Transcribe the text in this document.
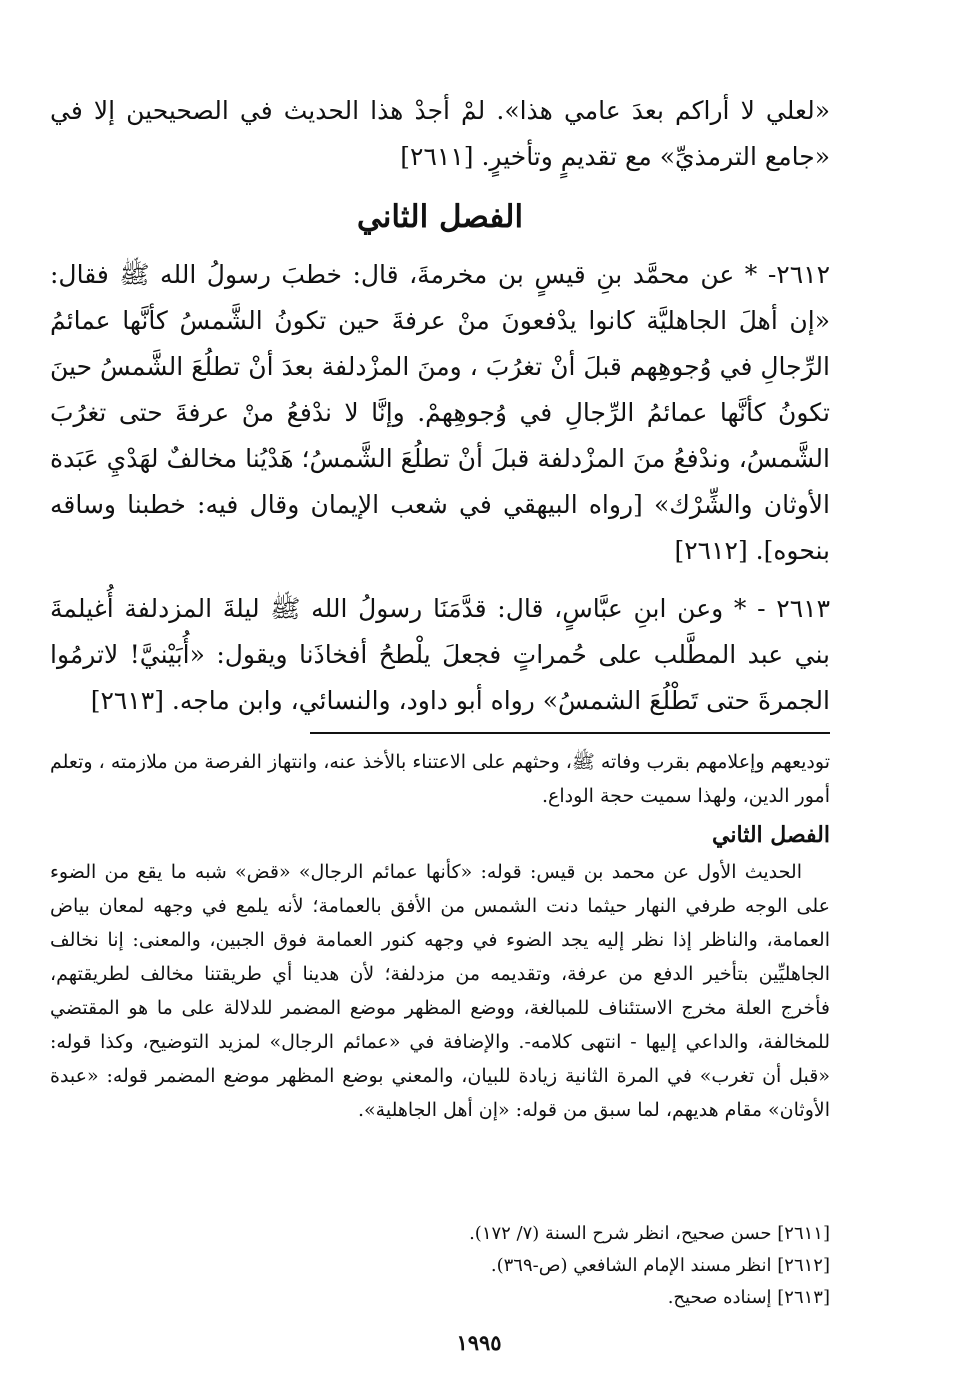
«لعلي لا أراكم بعدَ عامي هذا». لمْ أجدْ هذا الحديث في الصحيحين إلا في «جامع الترمذيِّ» مع تقديمٍ وتأخيرٍ. [٢٦١١]

الفصل الثاني

٢٦١٢- * عن محمَّد بنِ قيسٍ بن مخرمةَ، قال: خطبَ رسولُ الله ﷺ فقال: «إن أهلَ الجاهليَّة كانوا يدْفعونَ منْ عرفةَ حين تكونُ الشَّمسُ كأنَّها عمائمُ الرِّجالِ في وُجوهِهم قبلَ أنْ تغرُبَ ، ومنَ المزْدلفة بعدَ أنْ تطلُعَ الشَّمسُ حينَ تكونُ كأنَّها عمائمُ الرِّجالِ في وُجوهِهمْ. وإنَّا لا ندْفعُ منْ عرفةَ حتى تغرُبَ الشَّمسُ، وندْفعُ منَ المزْدلفة قبلَ أنْ تطلُعَ الشَّمسُ؛ هَدْيُنا مخالفٌ لهَدْيِ عَبَدة الأوثان والشِّرْك» [رواه البيهقي في شعب الإيمان وقال فيه: خطبنا وساقه بنحوه]. [٢٦١٢]

٢٦١٣ - * وعن ابنِ عبَّاسٍ، قال: قدَّمَنَا رسولُ الله ﷺ ليلةَ المزدلفة أُغيلمةَ بني عبد المطَّلب على حُمراتٍ فجعلَ يلْطحُ أفخاذَنا ويقول: «أُبَيْنيَّ! لاترمُوا الجمرةَ حتى تَطْلُعَ الشمسُ» رواه أبو داود، والنسائي، وابن ماجه. [٢٦١٣]

توديعهم وإعلامهم بقرب وفاته ﷺ، وحثهم على الاعتناء بالأخذ عنه، وانتهاز الفرصة من ملازمته ، وتعلم أمور الدين، ولهذا سميت حجة الوداع.

الفصل الثاني

الحديث الأول عن محمد بن قيس: قوله: «كأنها عمائم الرجال» «قض» شبه ما يقع من الضوء على الوجه طرفي النهار حيثما دنت الشمس من الأفق بالعمامة؛ لأنه يلمع في وجهه لمعان بياض العمامة، والناظر إذا نظر إليه يجد الضوء في وجهه كنور العمامة فوق الجبين، والمعنى: إنا نخالف الجاهليِّين بتأخير الدفع من عرفة، وتقديمه من مزدلفة؛ لأن هدينا أي طريقتنا مخالف لطريقتهم، فأخرج العلة مخرج الاستئناف للمبالغة، ووضع المظهر موضع المضمر للدلالة على ما هو المقتضي للمخالفة، والداعي إليها - انتهى كلامه-. والإضافة في «عمائم الرجال» لمزيد التوضيح، وكذا قوله: «قبل أن تغرب» في المرة الثانية زيادة للبيان، والمعني بوضع المظهر موضع المضمر قوله: «عبدة الأوثان» مقام هديهم، لما سبق من قوله: «إن أهل الجاهلية».

[٢٦١١] حسن صحيح، انظر شرح السنة (٧/ ١٧٢).
[٢٦١٢] انظر مسند الإمام الشافعي (ص-٣٦٩).
[٢٦١٣] إسناده صحيح.
١٩٩٥
